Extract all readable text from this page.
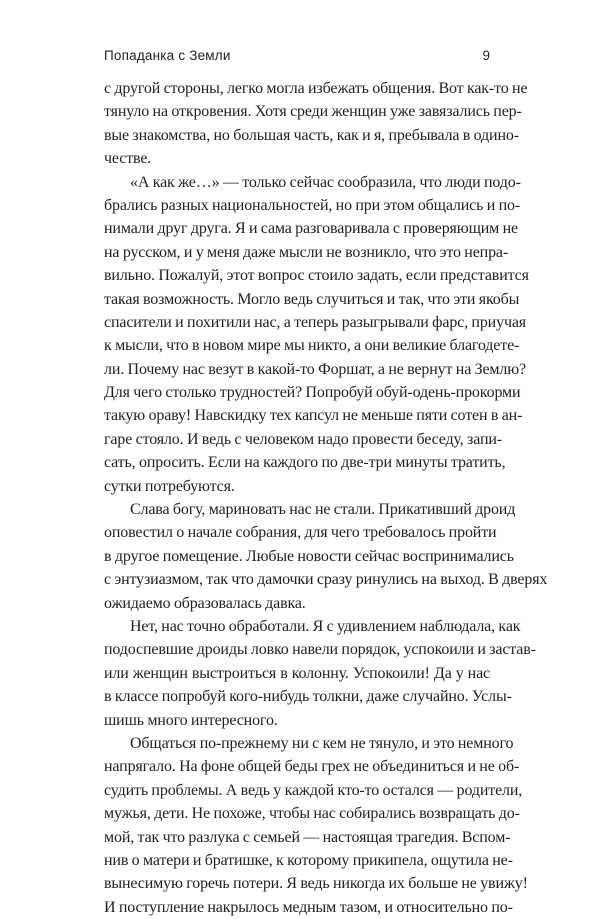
Попаданка с Земли	9
с другой стороны, легко могла избежать общения. Вот как-то не
тянуло на откровения. Хотя среди женщин уже завязались пер-
вые знакомства, но большая часть, как и я, пребывала в одино-
честве.
«А как же…» — только сейчас сообразила, что люди подо-
брались разных национальностей, но при этом общались и по-
нимали друг друга. Я и сама разговаривала с проверяющим не
на русском, и у меня даже мысли не возникло, что это непра-
вильно. Пожалуй, этот вопрос стоило задать, если представится
такая возможность. Могло ведь случиться и так, что эти якобы
спасители и похитили нас, а теперь разыгрывали фарс, приучая
к мысли, что в новом мире мы никто, а они великие благодете-
ли. Почему нас везут в какой-то Форшат, а не вернут на Землю?
Для чего столько трудностей? Попробуй обуй-одень-прокорми
такую ораву! Навскидку тех капсул не меньше пяти сотен в ан-
гаре стояло. И ведь с человеком надо провести беседу, запи-
сать, опросить. Если на каждого по две-три минуты тратить,
сутки потребуются.
Слава богу, мариновать нас не стали. Прикативший дроид
оповестил о начале собрания, для чего требовалось пройти
в другое помещение. Любые новости сейчас воспринимались
с энтузиазмом, так что дамочки сразу ринулись на выход. В дверях
ожидаемо образовалась давка.
Нет, нас точно обработали. Я с удивлением наблюдала, как
подоспевшие дроиды ловко навели порядок, успокоили и застав-
или женщин выстроиться в колонну. Успокоили! Да у нас
в классе попробуй кого-нибудь толкни, даже случайно. Услы-
шишь много интересного.
Общаться по-прежнему ни с кем не тянуло, и это немного
напрягало. На фоне общей беды грех не объединиться и не об-
судить проблемы. А ведь у каждой кто-то остался — родители,
мужья, дети. Не похоже, чтобы нас собирались возвращать до-
мой, так что разлука с семьей — настоящая трагедия. Вспом-
нив о матери и братишке, к которому прикипела, ощутила не-
вынесимую горечь потери. Я ведь никогда их больше не увижу!
И поступление накрылось медным тазом, и относительно по-
